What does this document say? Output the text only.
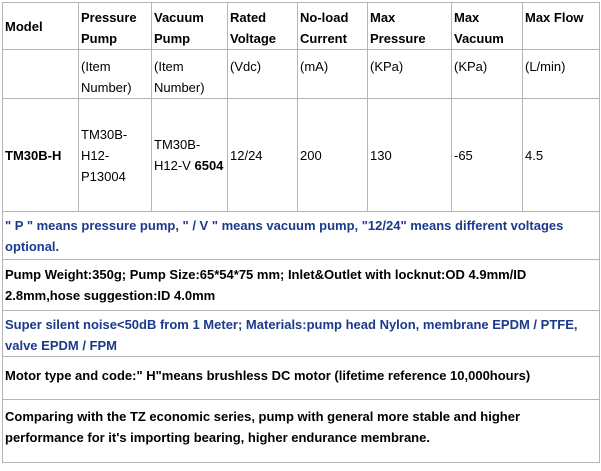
Model	Pressure Pump	Vacuum Pump	Rated Voltage	No-load Current	Max Pressure	Max Vacuum	Max Flow
	(Item Number)	(Item Number)	(Vdc)	(mA)	(KPa)	(KPa)	(L/min)
TM30B-H	TM30B-H12-P13004	TM30B-H12-V 6504	12/24	200	130	-65	4.5
" P " means pressure pump, " / V " means vacuum pump, "12/24" means different voltages optional.							
Pump Weight:350g; Pump Size:65*54*75 mm; Inlet&Outlet with locknut:OD 4.9mm/ID 2.8mm,hose suggestion:ID 4.0mm							
Super silent noise<50dB from 1 Meter; Materials:pump head Nylon, membrane EPDM / PTFE, valve EPDM / FPM							
Motor type and code:" H"means brushless DC motor (lifetime reference 10,000hours)							
Comparing with the TZ economic series, pump with general more stable and higher performance for it's importing bearing, higher endurance membrane.							
